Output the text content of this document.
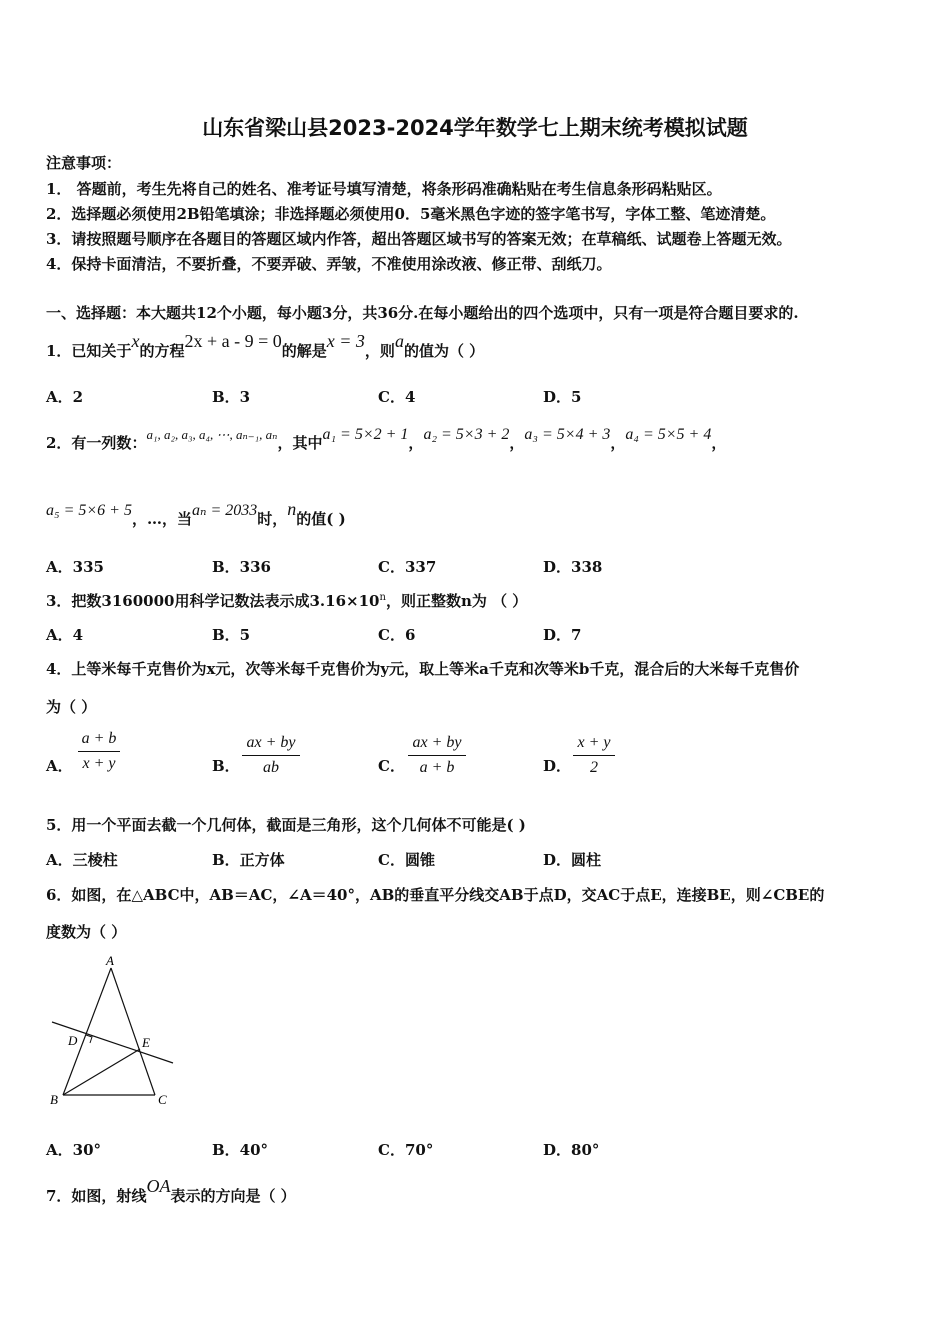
山东省梁山县2023-2024学年数学七上期末统考模拟试题
注意事项：
1． 答题前，考生先将自己的姓名、准考证号填写清楚，将条形码准确粘贴在考生信息条形码粘贴区。
2．选择题必须使用2B铅笔填涂；非选择题必须使用0．5毫米黑色字迹的签字笔书写，字体工整、笔迹清楚。
3．请按照题号顺序在各题目的答题区域内作答，超出答题区域书写的答案无效；在草稿纸、试题卷上答题无效。
4．保持卡面清洁，不要折叠，不要弄破、弄皱，不准使用涂改液、修正带、刮纸刀。
一、选择题：本大题共12个小题，每小题3分，共36分.在每小题给出的四个选项中，只有一项是符合题目要求的.
1．已知关于x的方程2x + a - 9 = 0的解是x = 3，则a的值为（ ）
A．2	B．3	C．4	D．5
2．有一列数：a₁, a₂, a₃, a₄, ⋯, aₙ₋₁, aₙ，其中a₁ = 5×2 + 1，a₂ = 5×3 + 2，a₃ = 5×4 + 3，a₄ = 5×5 + 4，
a₅ = 5×6 + 5，…，当aₙ = 2033时，n的值( )
A．335	B．336	C．337	D．338
3．把数3160000用科学记数法表示成$3.16\times 10^n$，则正整数n为 （ ）
A．4	B．5	C．6	D．7
4．上等米每千克售价为x元，次等米每千克售价为y元，取上等米a千克和次等米b千克，混合后的大米每千克售价
为（ ）
A． $\frac{a + b}{x + y}$	B． $\frac{ax + by}{ab}$	C． $\frac{ax + by}{a + b}$	D． $\frac{x + y}{2}$
5．用一个平面去截一个几何体，截面是三角形，这个几何体不可能是( )
A．三棱柱	B．正方体	C．圆锥	D．圆柱
6．如图，在△ABC中，AB＝AC，∠A＝40°，AB的垂直平分线交AB于点D，交AC于点E，连接BE，则∠CBE的
度数为（ ）
A
B	C
D	E
A．30°	B．40°	C．70°	D．80°
7．如图，射线OA表示的方向是（ ）
